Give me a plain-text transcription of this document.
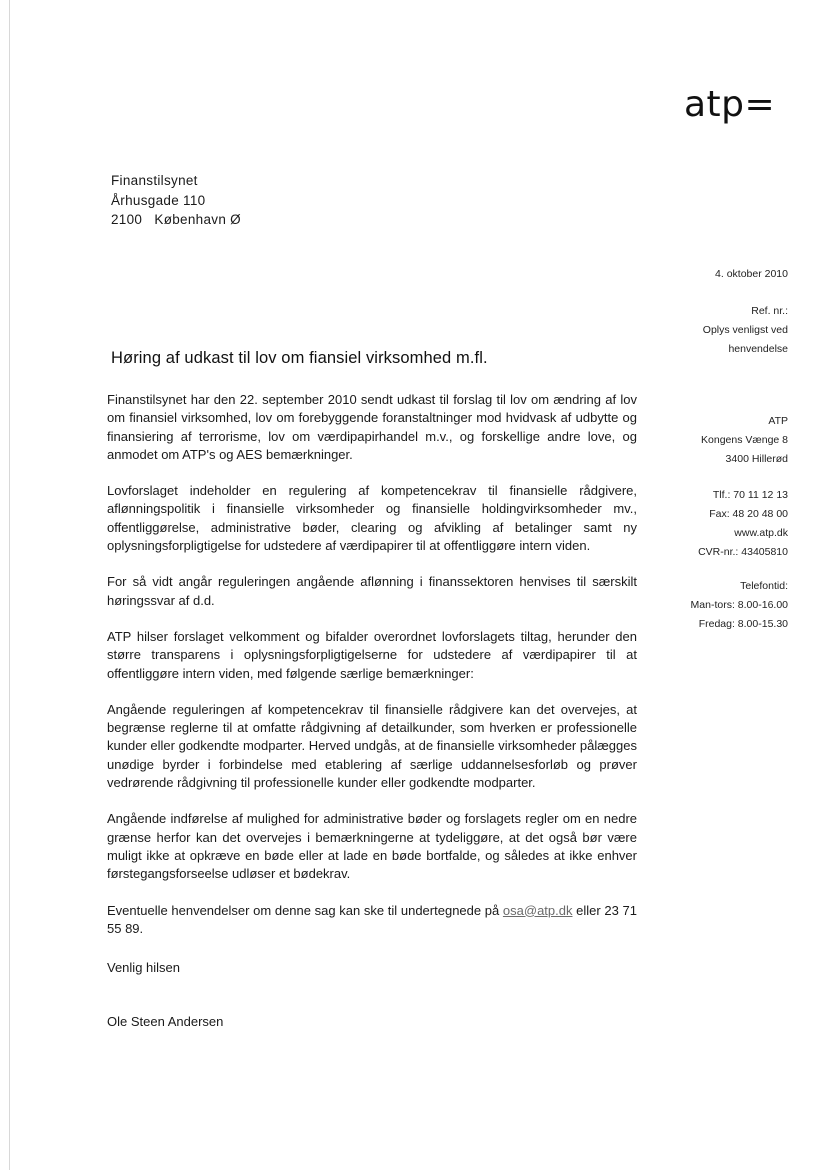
atp=
Finanstilsynet
Århusgade 110
2100   København Ø
4. oktober 2010
Ref. nr.:
Oplys venligst ved
henvendelse
ATP
Kongens Vænge 8
3400 Hillerød
Tlf.: 70 11 12 13
Fax: 48 20 48 00
www.atp.dk
CVR-nr.: 43405810
Telefontid:
Man-tors: 8.00-16.00
Fredag: 8.00-15.30
Høring af udkast til lov om fiansiel virksomhed m.fl.

Finanstilsynet har den 22. september 2010 sendt udkast til forslag til lov om ændring af lov om finansiel virksomhed, lov om forebyggende foranstaltninger mod hvidvask af udbytte og finansiering af terrorisme, lov om værdipapirhandel m.v., og forskellige andre love, og anmodet om ATP's og AES bemærkninger.

Lovforslaget indeholder en regulering af kompetencekrav til finansielle rådgivere, aflønningspolitik i finansielle virksomheder og finansielle holdingvirksomheder mv., offentliggørelse, administrative bøder, clearing og afvikling af betalinger samt ny oplysningsforpligtigelse for udstedere af værdipapirer til at offentliggøre intern viden.

For så vidt angår reguleringen angående aflønning i finanssektoren henvises til særskilt høringssvar af d.d.

ATP hilser forslaget velkomment og bifalder overordnet lovforslagets tiltag, herunder den større transparens i oplysningsforpligtigelserne for udstedere af værdipapirer til at offentliggøre intern viden, med følgende særlige bemærkninger:

Angående reguleringen af kompetencekrav til finansielle rådgivere kan det overvejes, at begrænse reglerne til at omfatte rådgivning af detailkunder, som hverken er professionelle kunder eller godkendte modparter. Herved undgås, at de finansielle virksomheder pålægges unødige byrder i forbindelse med etablering af særlige uddannelsesforløb og prøver vedrørende rådgivning til professionelle kunder eller godkendte modparter.

Angående indførelse af mulighed for administrative bøder og forslagets regler om en nedre grænse herfor kan det overvejes i bemærkningerne at tydeliggøre, at det også bør være muligt ikke at opkræve en bøde eller at lade en bøde bortfalde, og således at ikke enhver førstegangsforseelse udløser et bødekrav.

Eventuelle henvendelser om denne sag kan ske til undertegnede på osa@atp.dk eller 23 71 55 89.

Venlig hilsen
Ole Steen Andersen
